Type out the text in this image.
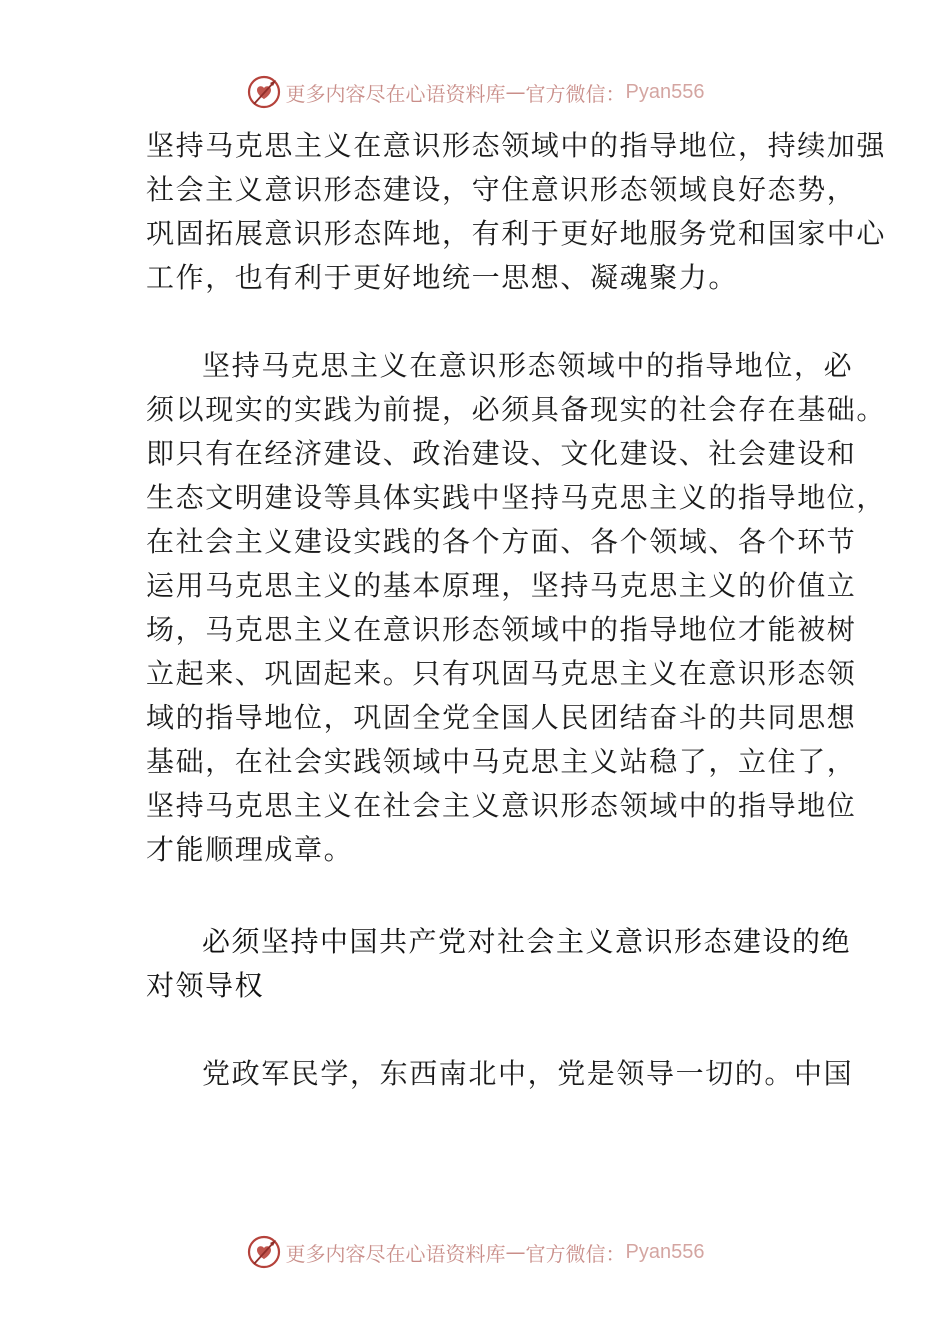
更多内容尽在心语资料库 — 官方微信： Pyan556
坚持马克思主义在意识形态领域中的指导地位，持续加强
社会主义意识形态建设，守住意识形态领域良好态势，
巩固拓展意识形态阵地，有利于更好地服务党和国家中心
工作，也有利于更好地统一思想、凝魂聚力。
坚持马克思主义在意识形态领域中的指导地位，必
须以现实的实践为前提，必须具备现实的社会存在基础。
即只有在经济建设、政治建设、文化建设、社会建设和
生态文明建设等具体实践中坚持马克思主义的指导地位，
在社会主义建设实践的各个方面、各个领域、各个环节
运用马克思主义的基本原理，坚持马克思主义的价值立
场，马克思主义在意识形态领域中的指导地位才能被树
立起来、巩固起来。只有巩固马克思主义在意识形态领
域的指导地位，巩固全党全国人民团结奋斗的共同思想
基础，在社会实践领域中马克思主义站稳了，立住了，
坚持马克思主义在社会主义意识形态领域中的指导地位
才能顺理成章。
必须坚持中国共产党对社会主义意识形态建设的绝
对领导权
党政军民学，东西南北中，党是领导一切的。中国
更多内容尽在心语资料库 — 官方微信： Pyan556
